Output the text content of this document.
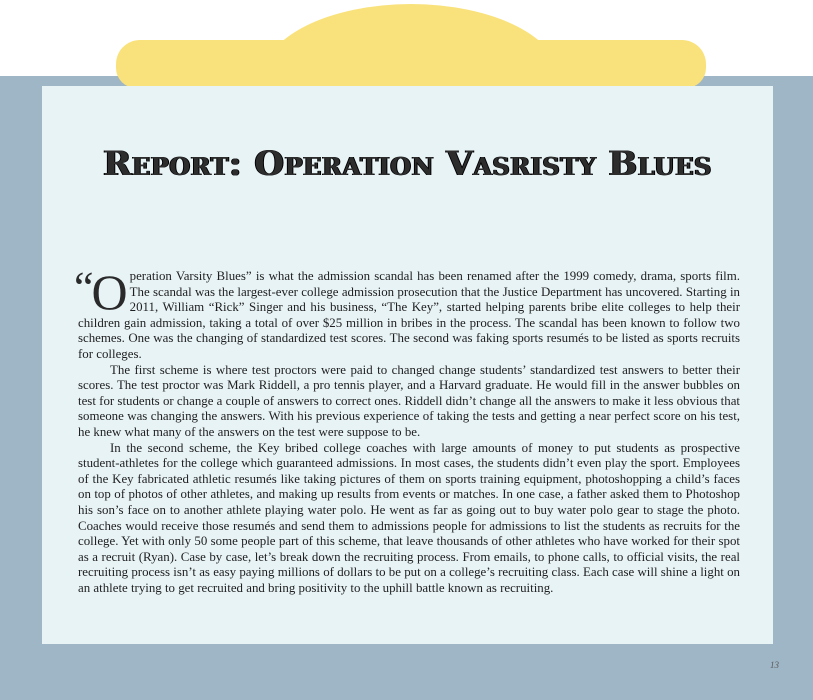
Report: Operation Vasristy Blues

“O peration Varsity Blues” is what the admission scandal has been renamed after the 1999 comedy, drama, sports film. The scandal was the largest-ever college admission prosecution that the Justice Department has uncovered. Starting in 2011, William “Rick” Singer and his business, “The Key”, started helping parents bribe elite colleges to help their children gain admission, taking a total of over $25 million in bribes in the process. The scandal has been known to follow two schemes. One was the changing of standardized test scores. The second was faking sports resumés to be listed as sports recruits for colleges.

The first scheme is where test proctors were paid to changed change students’ standardized test answers to better their scores. The test proctor was Mark Riddell, a pro tennis player, and a Harvard graduate. He would fill in the answer bubbles on test for students or change a couple of answers to correct ones. Riddell didn’t change all the answers to make it less obvious that someone was changing the answers. With his previous experience of taking the tests and getting a near perfect score on his test, he knew what many of the answers on the test were suppose to be.

In the second scheme, the Key bribed college coaches with large amounts of money to put students as prospective student-athletes for the college which guaranteed admissions. In most cases, the students didn’t even play the sport. Employees of the Key fabricated athletic resumés like taking pictures of them on sports training equipment, photoshopping a child’s faces on top of photos of other athletes, and making up results from events or matches. In one case, a father asked them to Photoshop his son’s face on to another athlete playing water polo. He went as far as going out to buy water polo gear to stage the photo. Coaches would receive those resumés and send them to admissions people for admissions to list the students as recruits for the college. Yet with only 50 some people part of this scheme, that leave thousands of other athletes who have worked for their spot as a recruit (Ryan). Case by case, let’s break down the recruiting process. From emails, to phone calls, to official visits, the real recruiting process isn’t as easy paying millions of dollars to be put on a college’s recruiting class. Each case will shine a light on an athlete trying to get recruited and bring positivity to the uphill battle known as recruiting.

13
